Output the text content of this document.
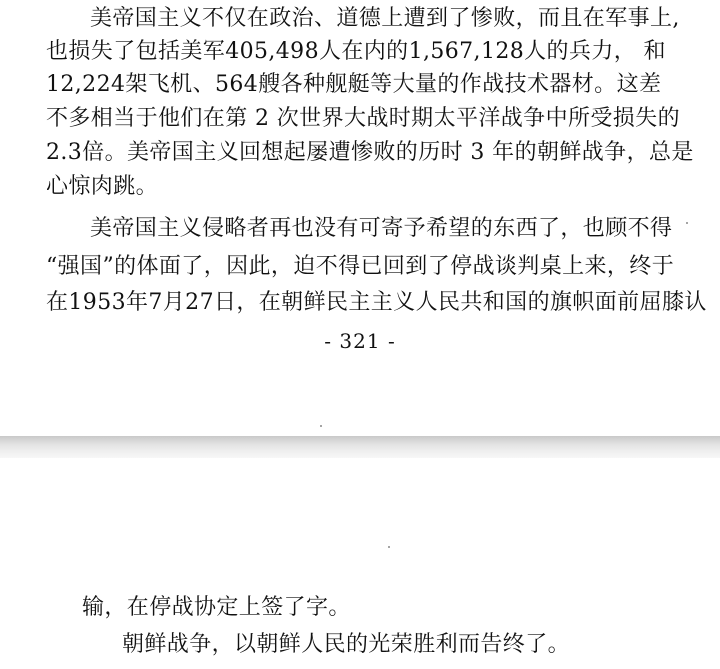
美帝国主义不仅在政治、道德上遭到了惨败，而且在军事上,
也损失了包括美军405,498人在内的1,567,128人的兵力， 和
12,224架飞机、564艘各种舰艇等大量的作战技术器材。这差
不多相当于他们在第 2 次世界大战时期太平洋战争中所受损失的
2.3倍。美帝国主义回想起屡遭惨败的历时 3 年的朝鲜战争，总是
心惊肉跳。
美帝国主义侵略者再也没有可寄予希望的东西了，也顾不得
“强国”的体面了，因此，迫不得已回到了停战谈判桌上来，终于
在1953年7月27日，在朝鲜民主主义人民共和国的旗帜面前屈膝认
- 321 -
输，在停战协定上签了字。
朝鲜战争，以朝鲜人民的光荣胜利而告终了。
